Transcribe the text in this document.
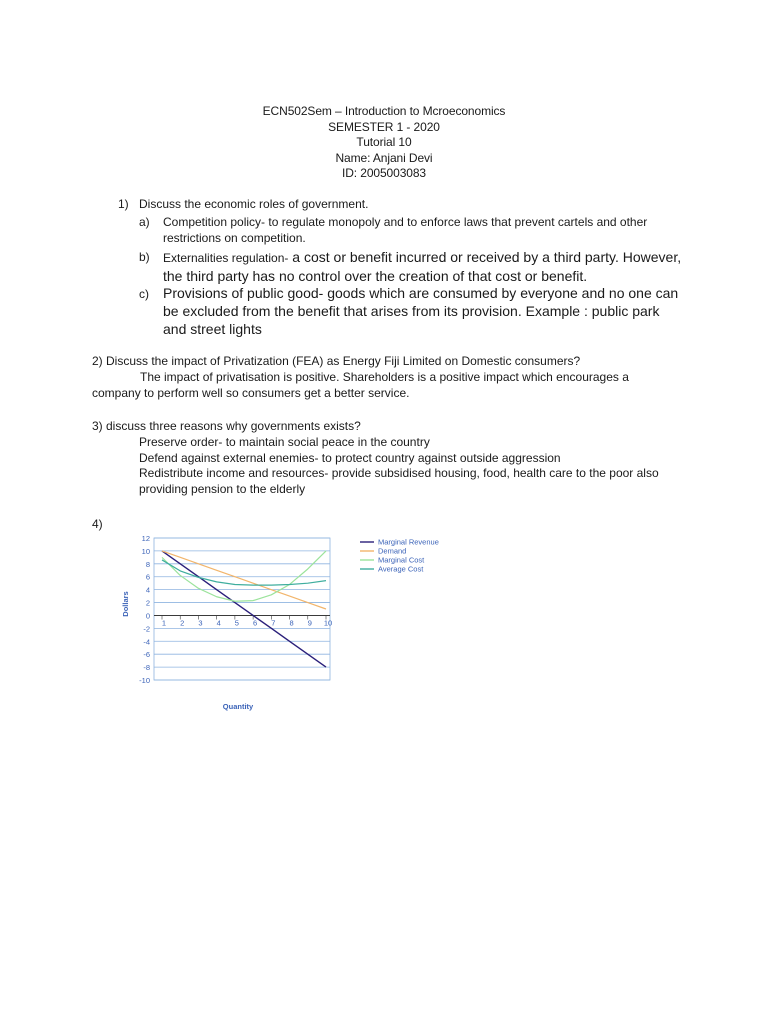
ECN502Sem – Introduction to Mcroeconomics
SEMESTER 1 - 2020
Tutorial 10
Name: Anjani Devi
ID: 2005003083
1) Discuss the economic roles of government.
a) Competition policy- to regulate monopoly and to enforce laws that prevent cartels and other restrictions on competition.
b) Externalities regulation- a cost or benefit incurred or received by a third party. However, the third party has no control over the creation of that cost or benefit.
c) Provisions of public good- goods which are consumed by everyone and no one can be excluded from the benefit that arises from its provision. Example : public park and street lights
2) Discuss the impact of Privatization (FEA) as Energy Fiji Limited on Domestic consumers?
The impact of privatisation is positive. Shareholders is a positive impact which encourages a company to perform well so consumers get a better service.
3) discuss three reasons why governments exists?
Preserve order- to maintain social peace in the country
Defend against external enemies- to protect country against outside aggression
Redistribute income and resources- provide subsidised housing, food, health care to the poor also providing pension to the elderly
4)
12
10
8
6
4
2
0
-2
-4
-6
-8
-10
1 2 3 4 5 6 7 8 9 10
Dollars
Quantity
Marginal Revenue
Demand
Marginal Cost
Average Cost
